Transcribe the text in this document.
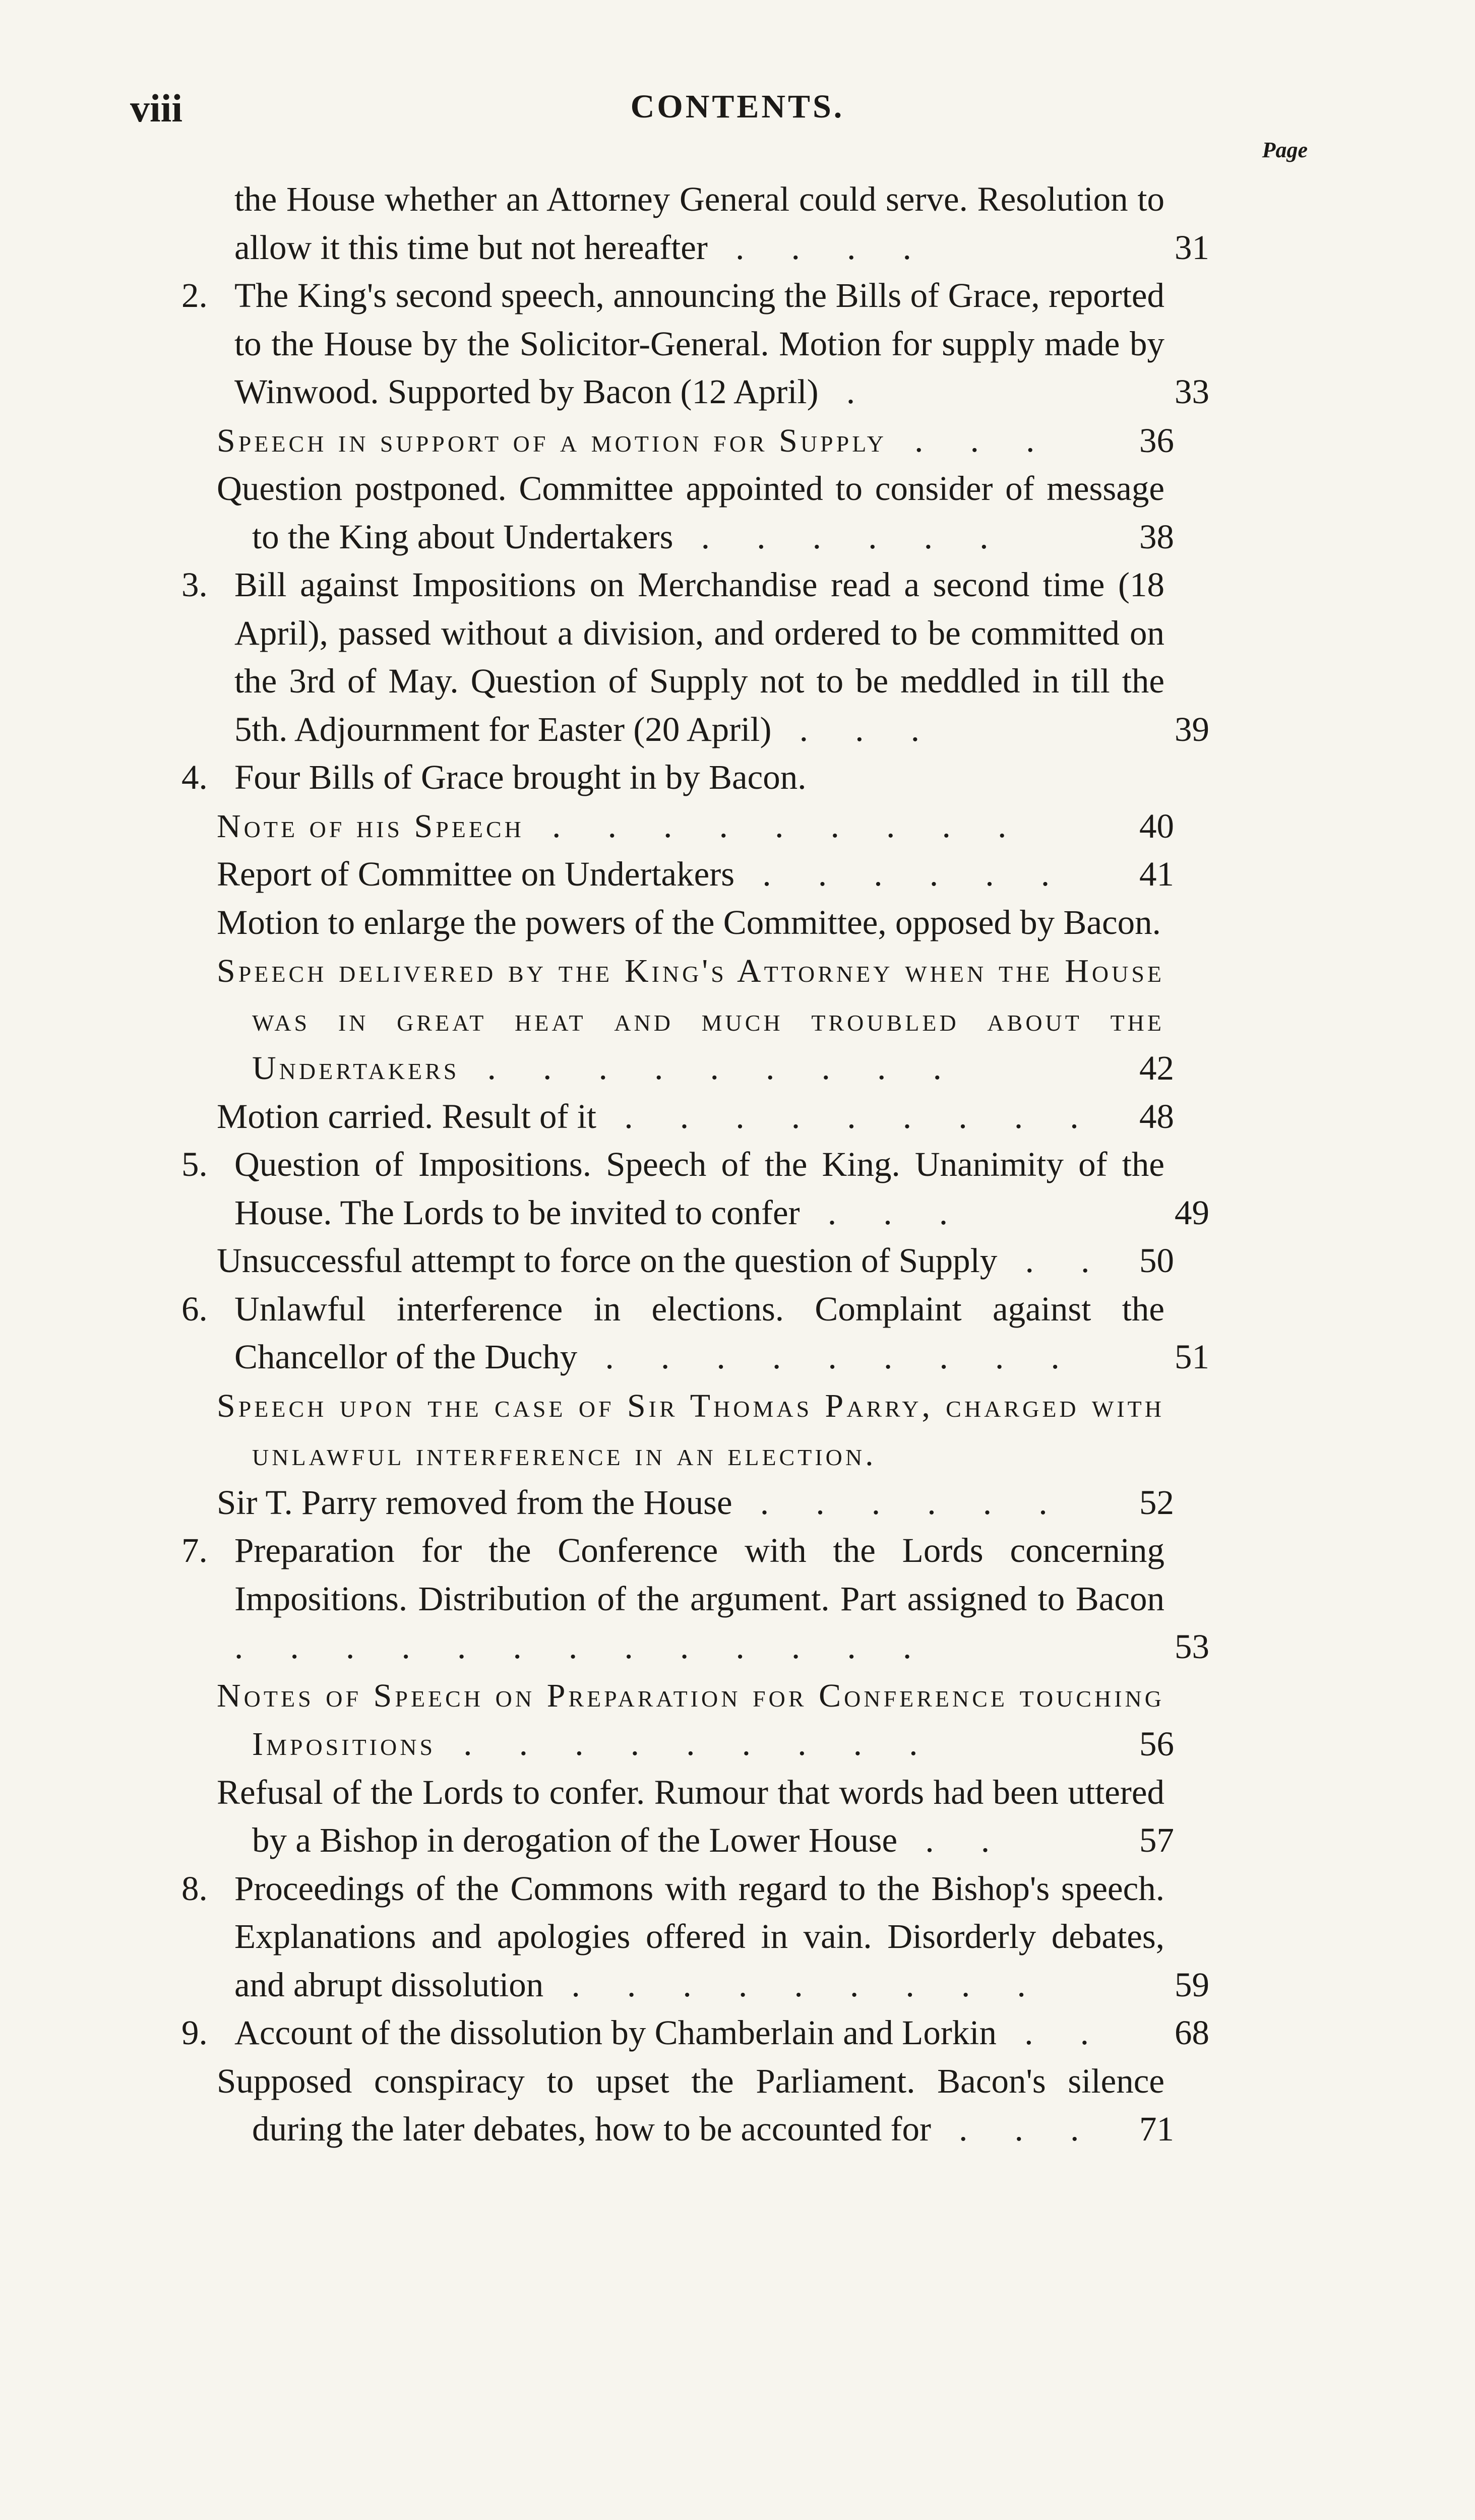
viii	CONTENTS.
Page
the House whether an Attorney General could serve. Resolution to allow it this time but not hereafter . . . .	31
2. The King's second speech, announcing the Bills of Grace, reported to the House by the Solicitor-General. Motion for supply made by Winwood. Supported by Bacon (12 April) .	33
Speech in support of a motion for Supply . . . 36
Question postponed. Committee appointed to consider of message to the King about Undertakers . . . . . .	38
3. Bill against Impositions on Merchandise read a second time (18 April), passed without a division, and ordered to be committed on the 3rd of May. Question of Supply not to be meddled in till the 5th. Adjournment for Easter (20 April) . . .	39
4. Four Bills of Grace brought in by Bacon.
Note of his Speech . . . . . . . . .	40
Report of Committee on Undertakers . . . . . . 41
Motion to enlarge the powers of the Committee, opposed by Bacon.
Speech delivered by the King's Attorney when the House was in great heat and much troubled about the Undertakers . . . . . . . . .	42
Motion carried. Result of it . . . . . . . . . 48
5. Question of Impositions. Speech of the King. Unanimity of the House. The Lords to be invited to confer . . .	49
Unsuccessful attempt to force on the question of Supply . . 50
6. Unlawful interference in elections. Complaint against the Chancellor of the Duchy . . . . . . . . .	51
Speech upon the case of Sir Thomas Parry, charged with unlawful interference in an election.
Sir T. Parry removed from the House . . . . . . 52
7. Preparation for the Conference with the Lords concerning Impositions. Distribution of the argument. Part assigned to Bacon . . . . . . . . . . . . .	53
Notes of Speech on Preparation for Conference touching Impositions . . . . . . . . .	56
Refusal of the Lords to confer. Rumour that words had been uttered by a Bishop in derogation of the Lower House . .	57
8. Proceedings of the Commons with regard to the Bishop's speech. Explanations and apologies offered in vain. Disorderly debates, and abrupt dissolution . . . . . . . . .	59
9. Account of the dissolution by Chamberlain and Lorkin . . 68
Supposed conspiracy to upset the Parliament. Bacon's silence during the later debates, how to be accounted for . . . 71
